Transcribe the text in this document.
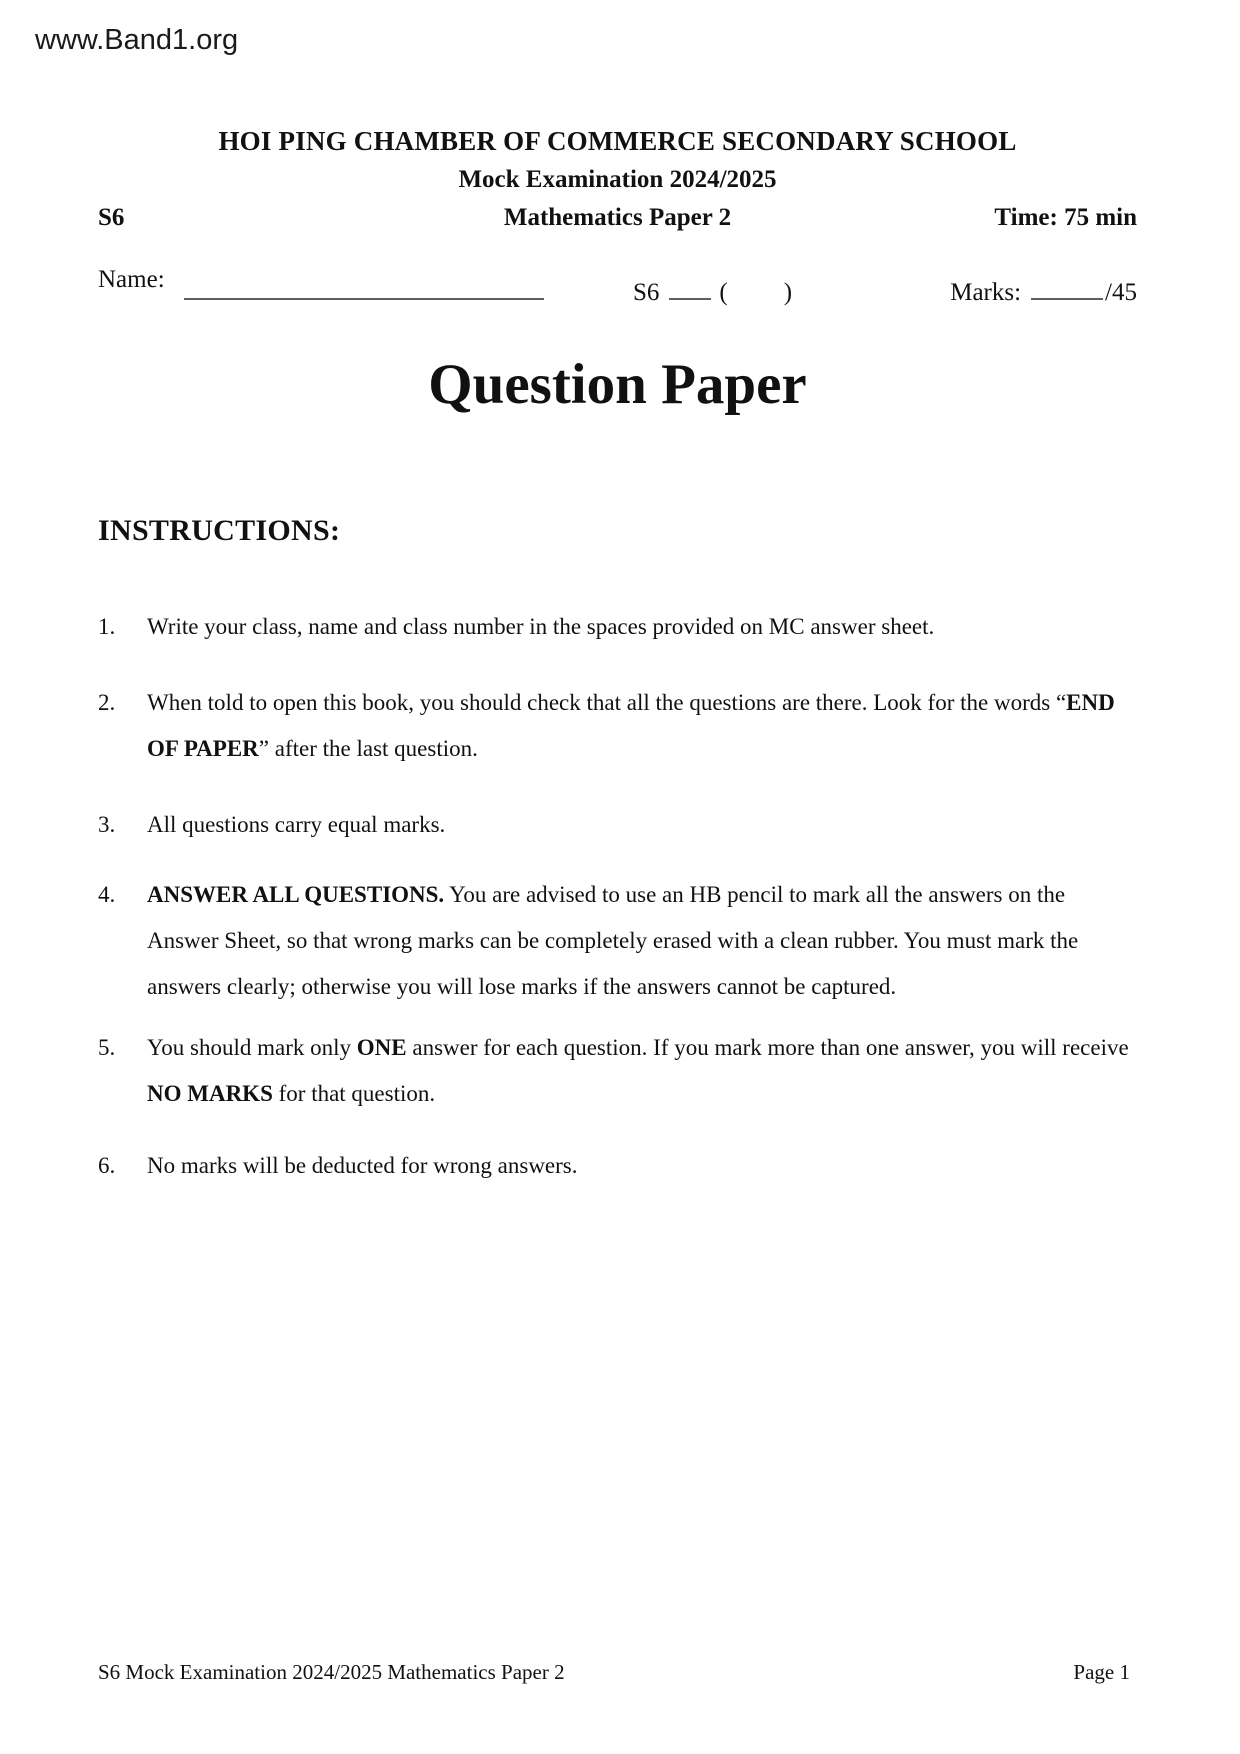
www.Band1.org
HOI PING CHAMBER OF COMMERCE SECONDARY SCHOOL
Mock Examination 2024/2025
S6	Mathematics Paper 2	Time: 75 min
Name:	S6 ( )	Marks:	/45
Question Paper
INSTRUCTIONS:
1.	Write your class, name and class number in the spaces provided on MC answer sheet.
2.	When told to open this book, you should check that all the questions are there. Look for the words “END OF PAPER” after the last question.
3.	All questions carry equal marks.
4.	ANSWER ALL QUESTIONS. You are advised to use an HB pencil to mark all the answers on the Answer Sheet, so that wrong marks can be completely erased with a clean rubber. You must mark the answers clearly; otherwise you will lose marks if the answers cannot be captured.
5.	You should mark only ONE answer for each question. If you mark more than one answer, you will receive NO MARKS for that question.
6.	No marks will be deducted for wrong answers.
S6 Mock Examination 2024/2025 Mathematics Paper 2	Page 1
